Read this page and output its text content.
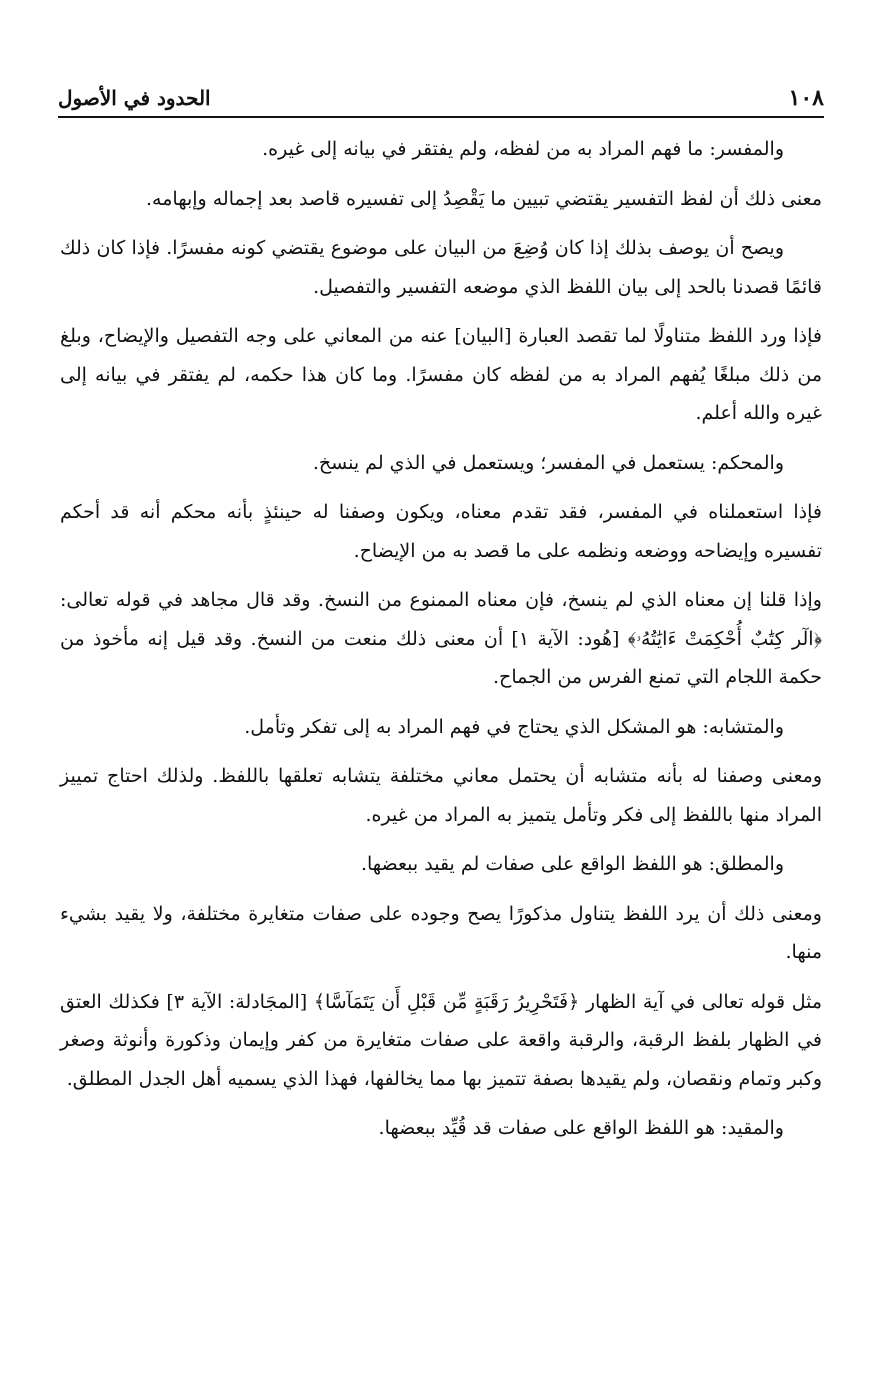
١٠٨
الحدود في الأصول

والمفسر: ما فهم المراد به من لفظه، ولم يفتقر في بيانه إلى غيره.

معنى ذلك أن لفظ التفسير يقتضي تبيين ما يَقْصِدُ إلى تفسيره قاصد بعد إجماله وإبهامه.

ويصح أن يوصف بذلك إذا كان وُضِعَ من البيان على موضوع يقتضي كونه مفسرًا. فإذا كان ذلك قائمًا قصدنا بالحد إلى بيان اللفظ الذي موضعه التفسير والتفصيل.

فإذا ورد اللفظ متناولًا لما تقصد العبارة [البيان] عنه من المعاني على وجه التفصيل والإيضاح، وبلغ من ذلك مبلغًا يُفهم المراد به من لفظه كان مفسرًا. وما كان هذا حكمه، لم يفتقر في بيانه إلى غيره والله أعلم.

والمحكم: يستعمل في المفسر؛ ويستعمل في الذي لم ينسخ.

فإذا استعملناه في المفسر، فقد تقدم معناه، ويكون وصفنا له حينئذٍ بأنه محكم أنه قد أحكم تفسيره وإيضاحه ووضعه ونظمه على ما قصد به من الإيضاح.

وإذا قلنا إن معناه الذي لم ينسخ، فإن معناه الممنوع من النسخ. وقد قال مجاهد في قوله تعالى: ﴿الٓر كِتَٰبٌ أُحْكِمَتْ ءَايَٰتُهُۥ﴾ [هُود: الآية ١] أن معنى ذلك منعت من النسخ. وقد قيل إنه مأخوذ من حكمة اللجام التي تمنع الفرس من الجماح.

والمتشابه: هو المشكل الذي يحتاج في فهم المراد به إلى تفكر وتأمل.

ومعنى وصفنا له بأنه متشابه أن يحتمل معاني مختلفة يتشابه تعلقها باللفظ. ولذلك احتاج تمييز المراد منها باللفظ إلى فكر وتأمل يتميز به المراد من غيره.

والمطلق: هو اللفظ الواقع على صفات لم يقيد ببعضها.

ومعنى ذلك أن يرد اللفظ يتناول مذكورًا يصح وجوده على صفات متغايرة مختلفة، ولا يقيد بشيء منها.

مثل قوله تعالى في آية الظهار ﴿فَتَحْرِيرُ رَقَبَةٍ مِّن قَبْلِ أَن يَتَمَآسَّا﴾ [المجَادلة: الآية ٣] فكذلك العتق في الظهار بلفظ الرقبة، والرقبة واقعة على صفات متغايرة من كفر وإيمان وذكورة وأنوثة وصغر وكبر وتمام ونقصان، ولم يقيدها بصفة تتميز بها مما يخالفها، فهذا الذي يسميه أهل الجدل المطلق.

والمقيد: هو اللفظ الواقع على صفات قد قُيِّد ببعضها.
